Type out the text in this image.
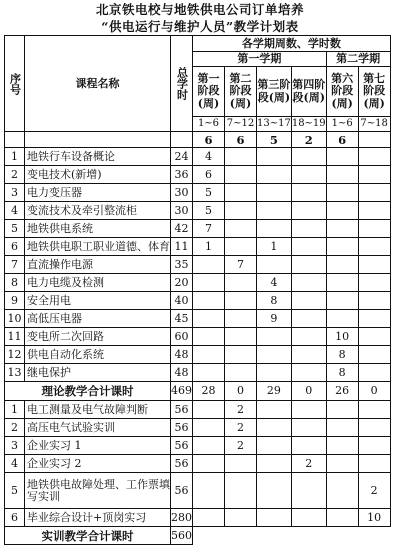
北京铁电校与地铁供电公司订单培养
“供电运行与维护人员”教学计划表
序号	课程名称	总学时	各学期周数、学时数					
			第一学期				第二学期	
			第一阶段(周)	第二阶段(周)	第三阶段(周)	第四阶段(周)	第六阶段(周)	第七阶段(周)
			1~6	7~12	13~17	18~19	1~6	7~18
			6	6	5	2	6	
1	地铁行车设备概论	24	4					
2	变电技术(新增)	36	6					
3	电力变压器	30	5					
4	变流技术及牵引整流柜	30	5					
5	地铁供电系统	42	7					
6	地铁供电职工职业道德、体育	11	1		1			
7	直流操作电源	35		7				
8	电力电缆及检测	20			4			
9	安全用电	40			8			
10	高低压电器	45			9			
11	变电所二次回路	60					10	
12	供电自动化系统	48					8	
13	继电保护	48					8	
理论教学合计课时		469	28	0	29	0	26	0
1	电工测量及电气故障判断	56		2				
2	高压电气试验实训	56		2				
3	企业实习 1	56		2				
4	企业实习 2	56				2		
5	地铁供电故障处理、工作票填写实训	56						2
6	毕业综合设计+顶岗实习	280						10
实训教学合计课时		560						
